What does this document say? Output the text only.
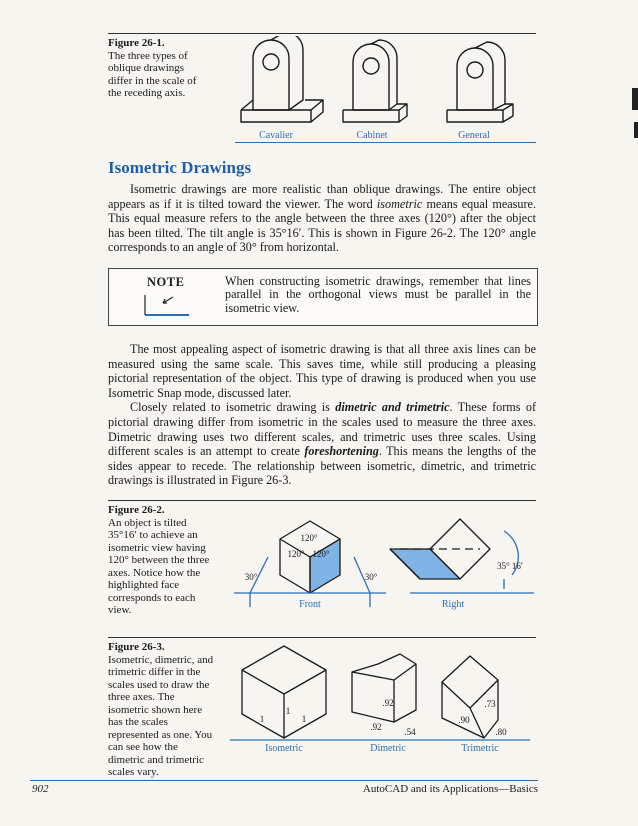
Figure 26-1.
The three types of oblique drawings differ in the scale of the receding axis.
Cavalier	Cabinet	General
Isometric Drawings

Isometric drawings are more realistic than oblique drawings. The entire object appears as if it is tilted toward the viewer. The word isometric means equal measure. This equal measure refers to the angle between the three axes (120°) after the object has been tilted. The tilt angle is 35°16′. This is shown in Figure 26-2. The 120° angle corresponds to an angle of 30° from horizontal.

NOTE	When constructing isometric drawings, remember that lines parallel in the orthogonal views must be parallel in the isometric view.

The most appealing aspect of isometric drawing is that all three axis lines can be measured using the same scale. This saves time, while still producing a pleasing pictorial representation of the object. This type of drawing is produced when you use Isometric Snap mode, discussed later.

Closely related to isometric drawing is dimetric and trimetric. These forms of pictorial drawing differ from isometric in the scales used to measure the three axes. Dimetric drawing uses two different scales, and trimetric uses three scales. Using different scales is an attempt to create foreshortening. This means the lengths of the sides appear to recede. The relationship between isometric, dimetric, and trimetric drawings is illustrated in Figure 26-3.

Figure 26-2.
An object is tilted 35°16′ to achieve an isometric view having 120° between the three axes. Notice how the highlighted face corresponds to each view.
120°
120° 120°
30°	30°
35° 16′
Front	Right
Figure 26-3.
Isometric, dimetric, and trimetric differ in the scales used to draw the three axes. The isometric shown here has the scales represented as one. You can see how the dimetric and trimetric scales vary.
1
1
1
.92
.92	.54
.73
.90
.80
Isometric	Dimetric	Trimetric
902	AutoCAD and its Applications—Basics
